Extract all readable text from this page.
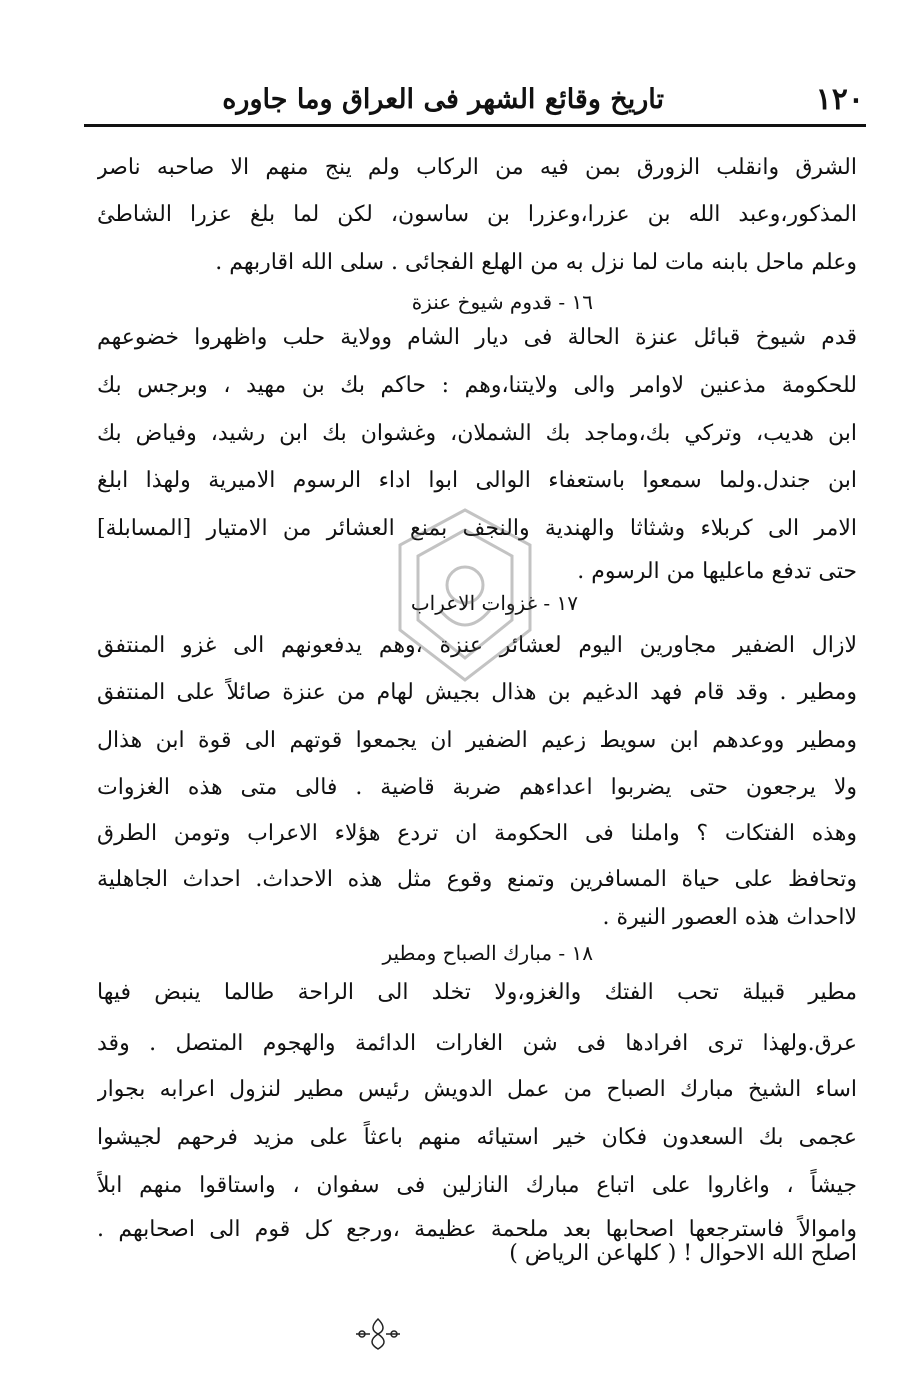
١٢٠
تاريخ وقائع الشهر فى العراق وما جاوره
الشرق وانقلب الزورق بمن فيه من الركاب ولم ينج منهم الا صاحبه ناصر
المذكور،وعبد الله بن عزرا،وعزرا بن ساسون، لكن لما بلغ عزرا الشاطئ
وعلم ماحل بابنه مات لما نزل به من الهلع الفجائى . سلى الله اقاربهم .
١٦ - قدوم شيوخ عنزة
قدم شيوخ قبائل عنزة الحالة فى ديار الشام وولاية حلب واظهروا خضوعهم
للحكومة مذعنين لاوامر والى ولايتنا،وهم : حاكم بك بن مهيد ، وبرجس بك
ابن هديب، وتركي بك،وماجد بك الشملان، وغشوان بك ابن رشيد، وفياض بك
ابن جندل.ولما سمعوا باستعفاء الوالى ابوا اداء الرسوم الاميرية ولهذا ابلغ
الامر الى كربلاء وشثاثا والهندية والنجف بمنع العشائر من الامتيار [المسابلة]
حتى تدفع ماعليها من الرسوم .
١٧ - غزوات الاعراب
لازال الضفير مجاورين اليوم لعشائر عنزة ،وهم يدفعونهم الى غزو المنتفق
ومطير . وقد قام فهد الدغيم بن هذال بجيش لهام من عنزة صائلاً على المنتفق
ومطير ووعدهم ابن سويط زعيم الضفير ان يجمعوا قوتهم الى قوة ابن هذال
ولا يرجعون حتى يضربوا اعداءهم ضربة قاضية . فالى متى هذه الغزوات
وهذه الفتكات ؟ واملنا فى الحكومة ان تردع هؤلاء الاعراب وتومن الطرق
وتحافظ على حياة المسافرين وتمنع وقوع مثل هذه الاحداث. احداث الجاهلية
لااحداث هذه العصور النيرة .
١٨ - مبارك الصباح ومطير
مطير قبيلة تحب الفتك والغزو،ولا تخلد الى الراحة طالما ينبض فيها
عرق.ولهذا ترى افرادها فى شن الغارات الدائمة والهجوم المتصل . وقد
اساء الشيخ مبارك الصباح من عمل الدويش رئيس مطير لنزول اعرابه بجوار
عجمى بك السعدون فكان خير استيائه منهم باعثاً على مزيد فرحهم لجيشوا
جيشاً ، واغاروا على اتباع مبارك النازلين فى سفوان ، واستاقوا منهم ابلاً
واموالاً فاسترجعها اصحابها بعد ملحمة عظيمة ،ورجع كل قوم الى اصحابهم .
اصلح الله الاحوال ! ( كلهاعن الرياض )
